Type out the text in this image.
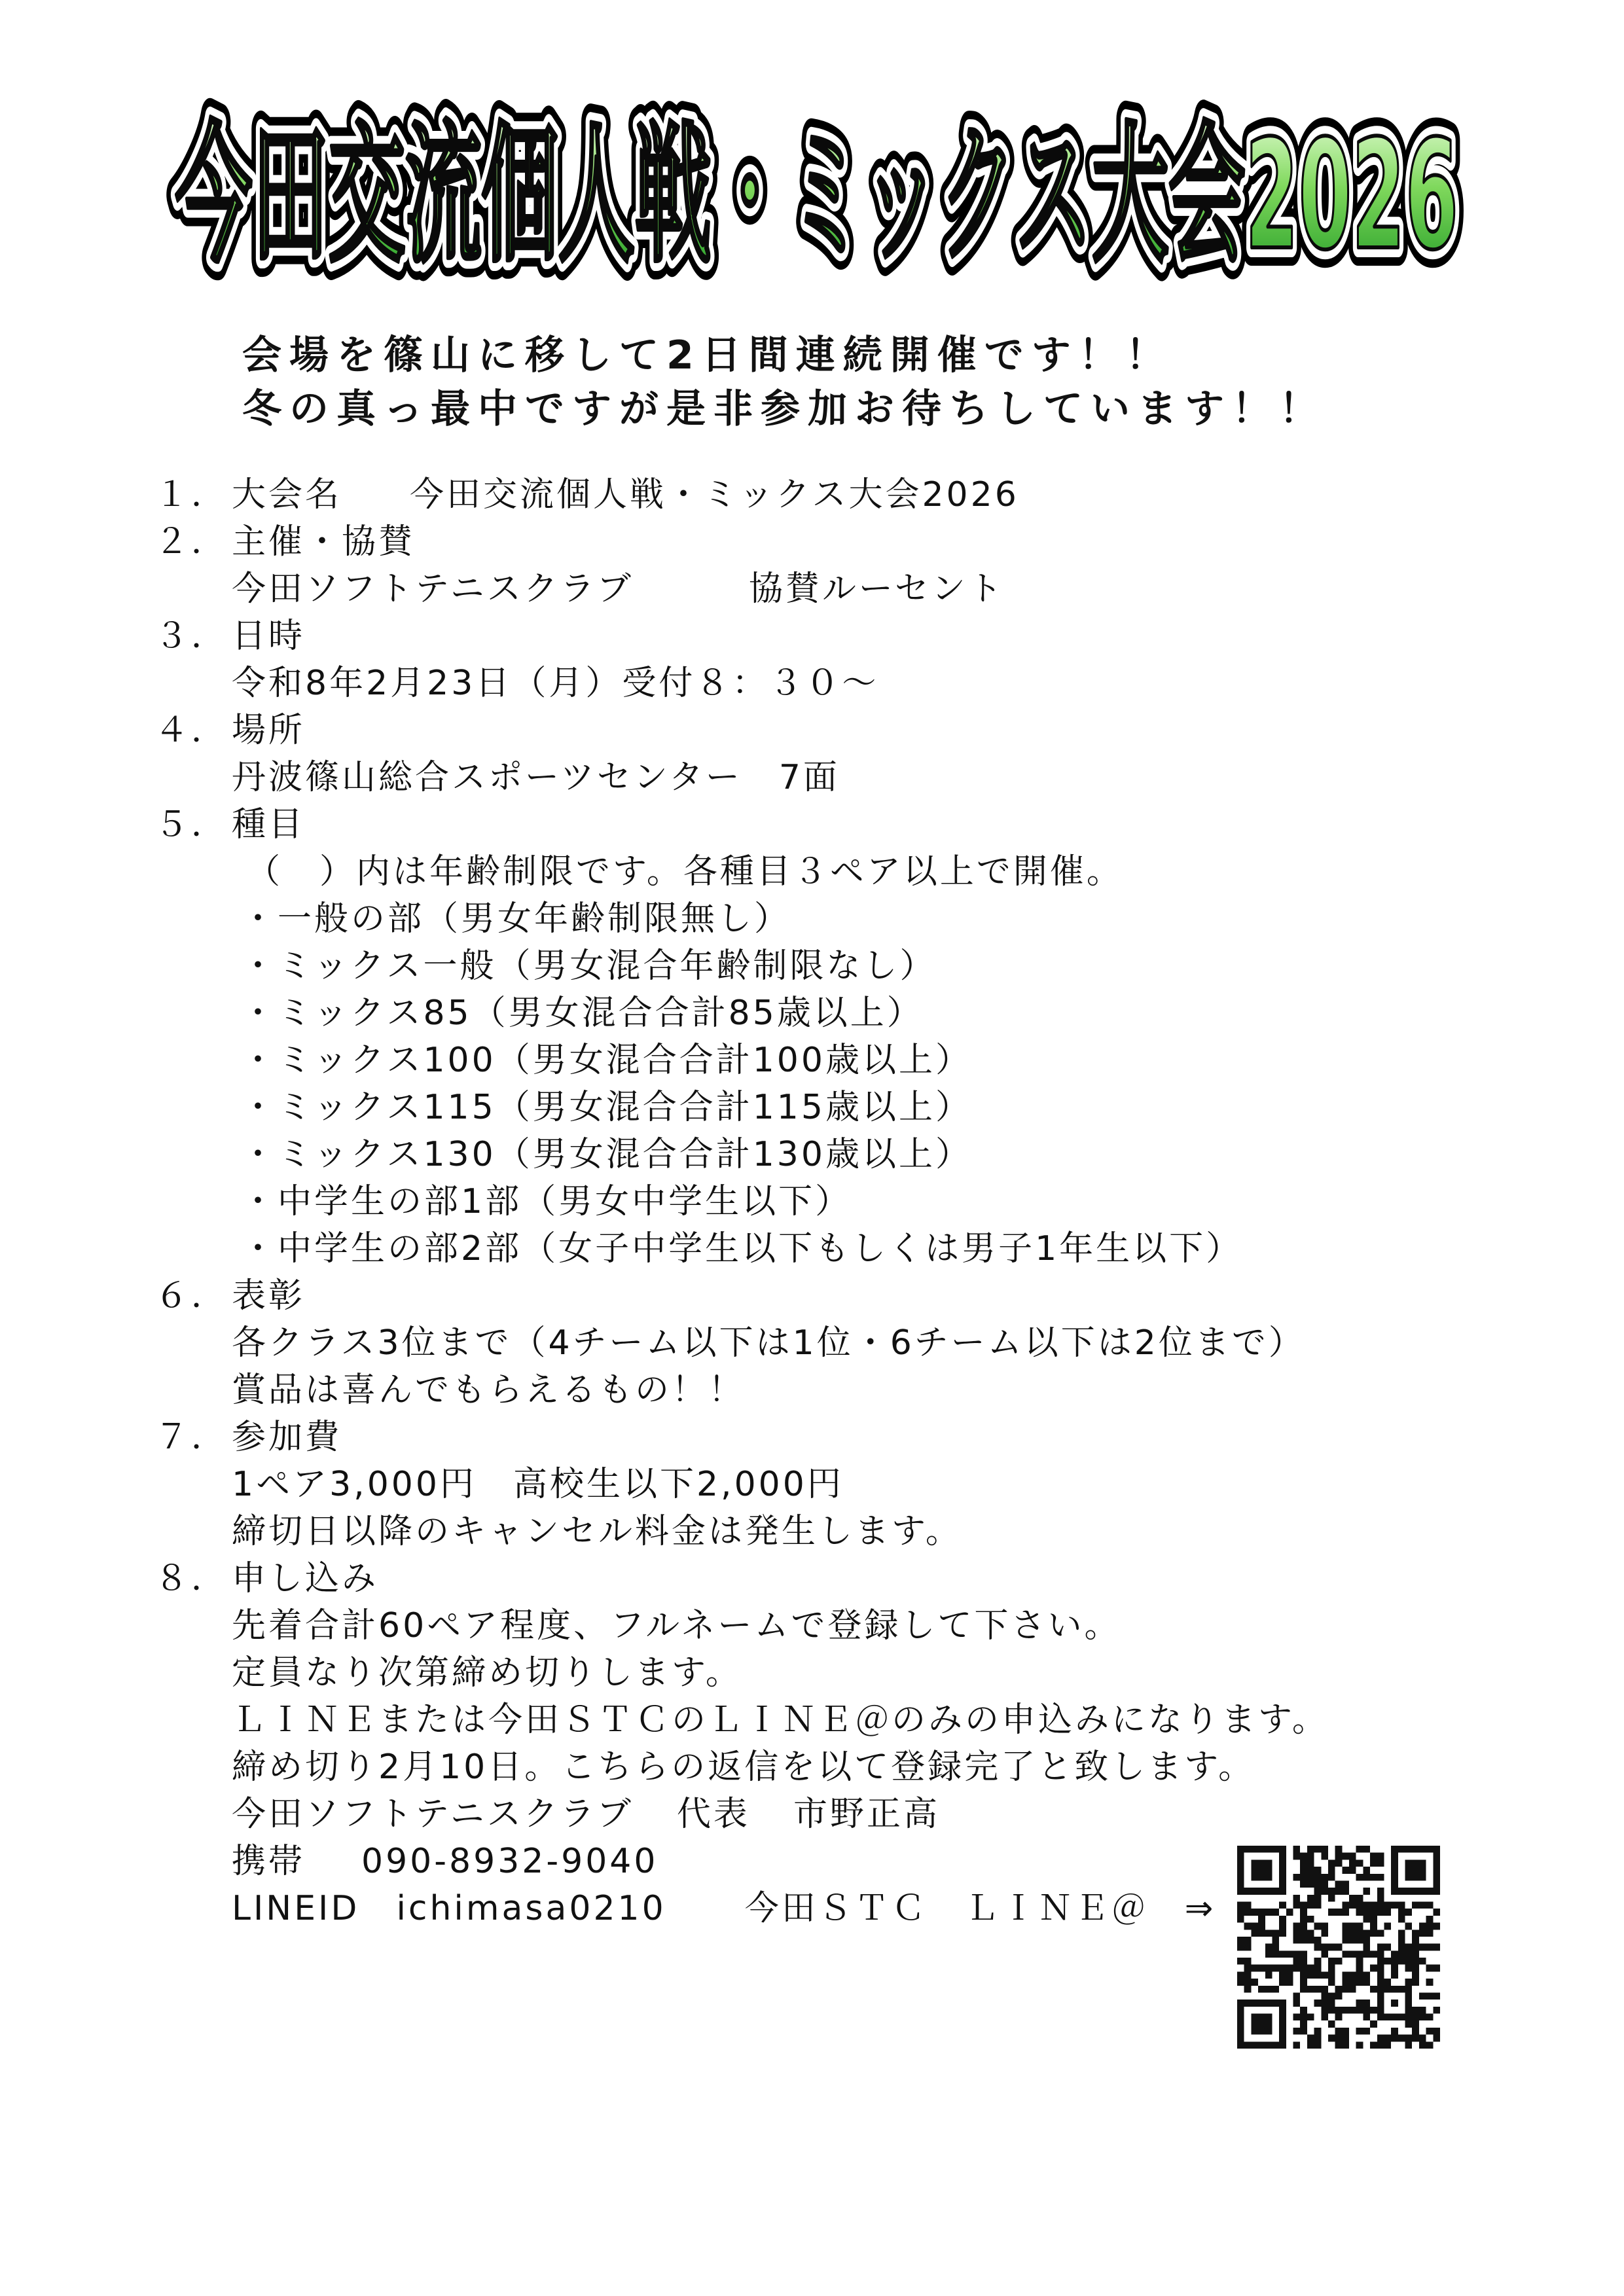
今田交流個人戦・ミックス大会2026
今田交流個人戦・ミックス大会2026
今田交流個人戦・ミックス大会2026
会場を篠山に移して2日間連続開催です！！
冬の真っ最中ですが是非参加お待ちしています！！
１． 大会名 今田交流個人戦・ミックス大会2026
２． 主催・協賛
今田ソフトテニスクラブ	協賛ルーセント
３． 日時
令和8年2月23日（月）受付８：３０～
４． 場所
丹波篠山総合スポーツセンター　7面
５． 種目
（　）内は年齢制限です。各種目３ペア以上で開催。
・一般の部（男女年齢制限無し）
・ミックス一般（男女混合年齢制限なし）
・ミックス85（男女混合合計85歳以上）
・ミックス100（男女混合合計100歳以上）
・ミックス115（男女混合合計115歳以上）
・ミックス130（男女混合合計130歳以上）
・中学生の部1部（男女中学生以下）
・中学生の部2部（女子中学生以下もしくは男子1年生以下）
６． 表彰
各クラス3位まで（4チーム以下は1位・6チーム以下は2位まで）
賞品は喜んでもらえるもの！！
７． 参加費
1ペア3,000円 高校生以下2,000円
締切日以降のキャンセル料金は発生します。
８． 申し込み
先着合計60ペア程度、フルネームで登録して下さい。
定員なり次第締め切りします。
ＬＩＮＥまたは今田ＳＴＣのＬＩＮＥ＠のみの申込みになります。
締め切り2月10日。こちらの返信を以て登録完了と致します。
今田ソフトテニスクラブ 代表 市野正高
携帯 090-8932-9040
LINEID ichimasa0210 今田ＳＴＣ　ＬＩＮＥ＠　⇒
